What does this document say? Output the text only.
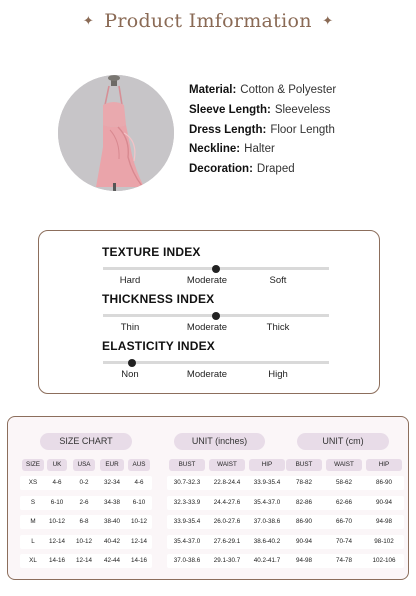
✦ Product Imformation ✦
Material: Cotton & Polyester
Sleeve Length: Sleeveless
Dress Length: Floor Length
Neckline: Halter
Decoration: Draped
TEXTURE INDEX
Hard	Moderate	Soft
THICKNESS INDEX
Thin	Moderate	Thick
ELASTICITY INDEX
Non	Moderate	High
SIZE CHART
SIZE	UK	USA	EUR	AUS
UNIT (inches)
BUST	WAIST	HIP
UNIT (cm)
BUST	WAIST	HIP
XS	4-6	0-2	32-34	4-6	30.7-32.3	22.8-24.4	33.9-35.4	78-82	58-62	86-90
S	6-10	2-6	34-38	6-10	32.3-33.9	24.4-27.6	35.4-37.0	82-86	62-66	90-94
M	10-12	6-8	38-40	10-12	33.9-35.4	26.0-27.6	37.0-38.6	86-90	66-70	94-98
L	12-14	10-12	40-42	12-14	35.4-37.0	27.6-29.1	38.6-40.2	90-94	70-74	98-102
XL	14-16	12-14	42-44	14-16	37.0-38.6	29.1-30.7	40.2-41.7	94-98	74-78	102-106
